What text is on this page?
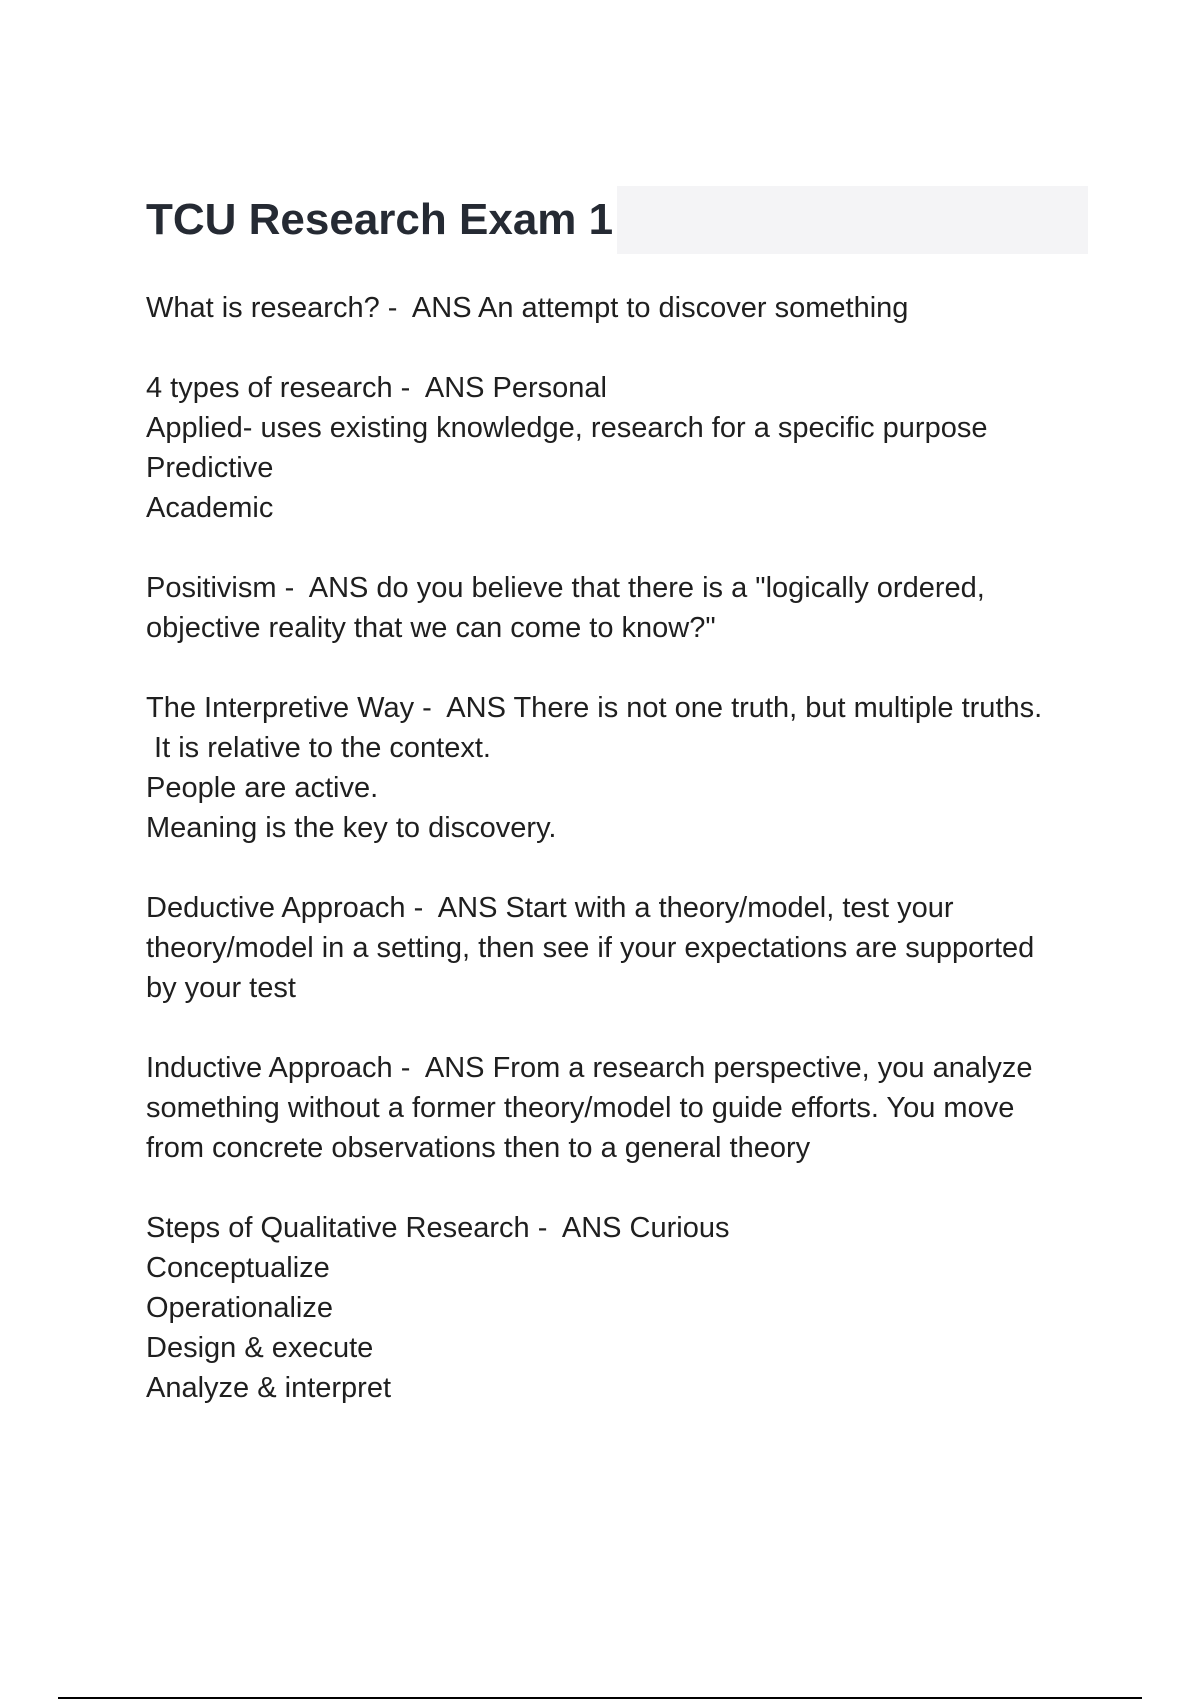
TCU Research Exam 1
What is research? -  ANS An attempt to discover something
4 types of research -  ANS Personal
Applied- uses existing knowledge, research for a specific purpose
Predictive
Academic
Positivism -  ANS do you believe that there is a "logically ordered,
objective reality that we can come to know?"
The Interpretive Way -  ANS There is not one truth, but multiple truths.
It is relative to the context.
People are active.
Meaning is the key to discovery.
Deductive Approach -  ANS Start with a theory/model, test your
theory/model in a setting, then see if your expectations are supported
by your test
Inductive Approach -  ANS From a research perspective, you analyze
something without a former theory/model to guide efforts. You move
from concrete observations then to a general theory
Steps of Qualitative Research -  ANS Curious
Conceptualize
Operationalize
Design & execute
Analyze & interpret
